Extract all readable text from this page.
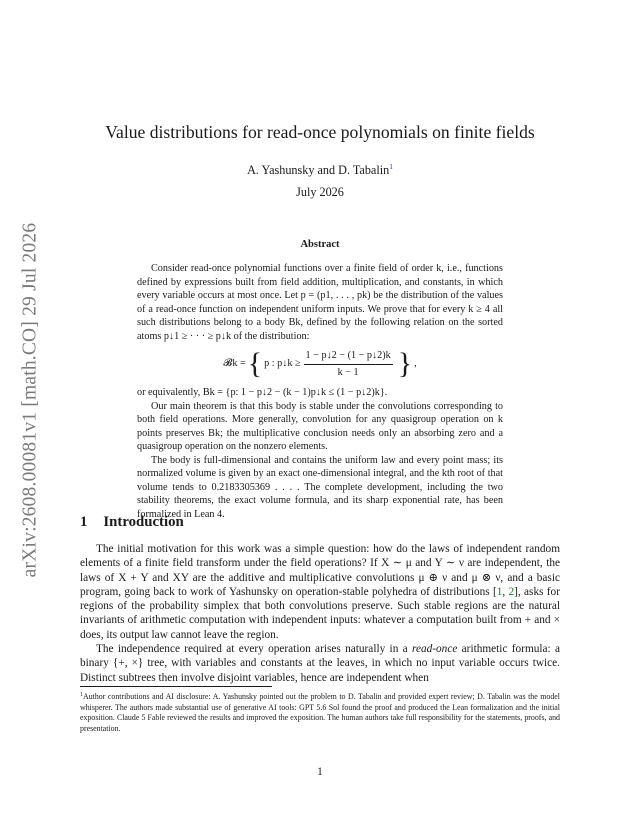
arXiv:2608.00081v1 [math.CO] 29 Jul 2026
Value distributions for read-once polynomials on finite fields
A. Yashunsky and D. Tabalin$^1$
July 2026
Abstract

Consider read-once polynomial functions over a finite field of order k, i.e., functions defined by expressions built from field addition, multiplication, and constants, in which every variable occurs at most once. Let p = (p1, . . . , pk) be the distribution of the values of a read-once function on independent uniform inputs. We prove that for every k ≥ 4 all such distributions belong to a body Bk, defined by the following relation on the sorted atoms p↓1 ≥ · · · ≥ p↓k of the distribution:

𝓑k = { p : p↓k ≥ $\frac{1 - p↓2 - (1 - p↓2)k}{k - 1}$ } ,

or equivalently, Bk = {p: 1 − p↓2 − (k − 1)p↓k ≤ (1 − p↓2)k}.

Our main theorem is that this body is stable under the convolutions corresponding to both field operations. More generally, convolution for any quasigroup operation on k points preserves Bk; the multiplicative conclusion needs only an absorbing zero and a quasigroup operation on the nonzero elements.

The body is full-dimensional and contains the uniform law and every point mass; its normalized volume is given by an exact one-dimensional integral, and the kth root of that volume tends to 0.2183305369 . . . . The complete development, including the two stability theorems, the exact volume formula, and its sharp exponential rate, has been formalized in Lean 4.

1 Introduction

The initial motivation for this work was a simple question: how do the laws of independent random elements of a finite field transform under the field operations? If X ∼ μ and Y ∼ ν are independent, the laws of X + Y and XY are the additive and multiplicative convolutions μ ⊕ ν and μ ⊗ ν, and a basic program, going back to work of Yashunsky on operation-stable polyhedra of distributions [1, 2], asks for regions of the probability simplex that both convolutions preserve. Such stable regions are the natural invariants of arithmetic computation with independent inputs: whatever a computation built from + and × does, its output law cannot leave the region.

The independence required at every operation arises naturally in a read-once arithmetic formula: a binary {+, ×} tree, with variables and constants at the leaves, in which no input variable occurs twice. Distinct subtrees then involve disjoint variables, hence are independent when

$^1$Author contributions and AI disclosure: A. Yashunsky pointed out the problem to D. Tabalin and provided expert review; D. Tabalin was the model whisperer. The authors made substantial use of generative AI tools: GPT 5.6 Sol found the proof and produced the Lean formalization and the initial exposition. Claude 5 Fable reviewed the results and improved the exposition. The human authors take full responsibility for the statements, proofs, and presentation.
1
